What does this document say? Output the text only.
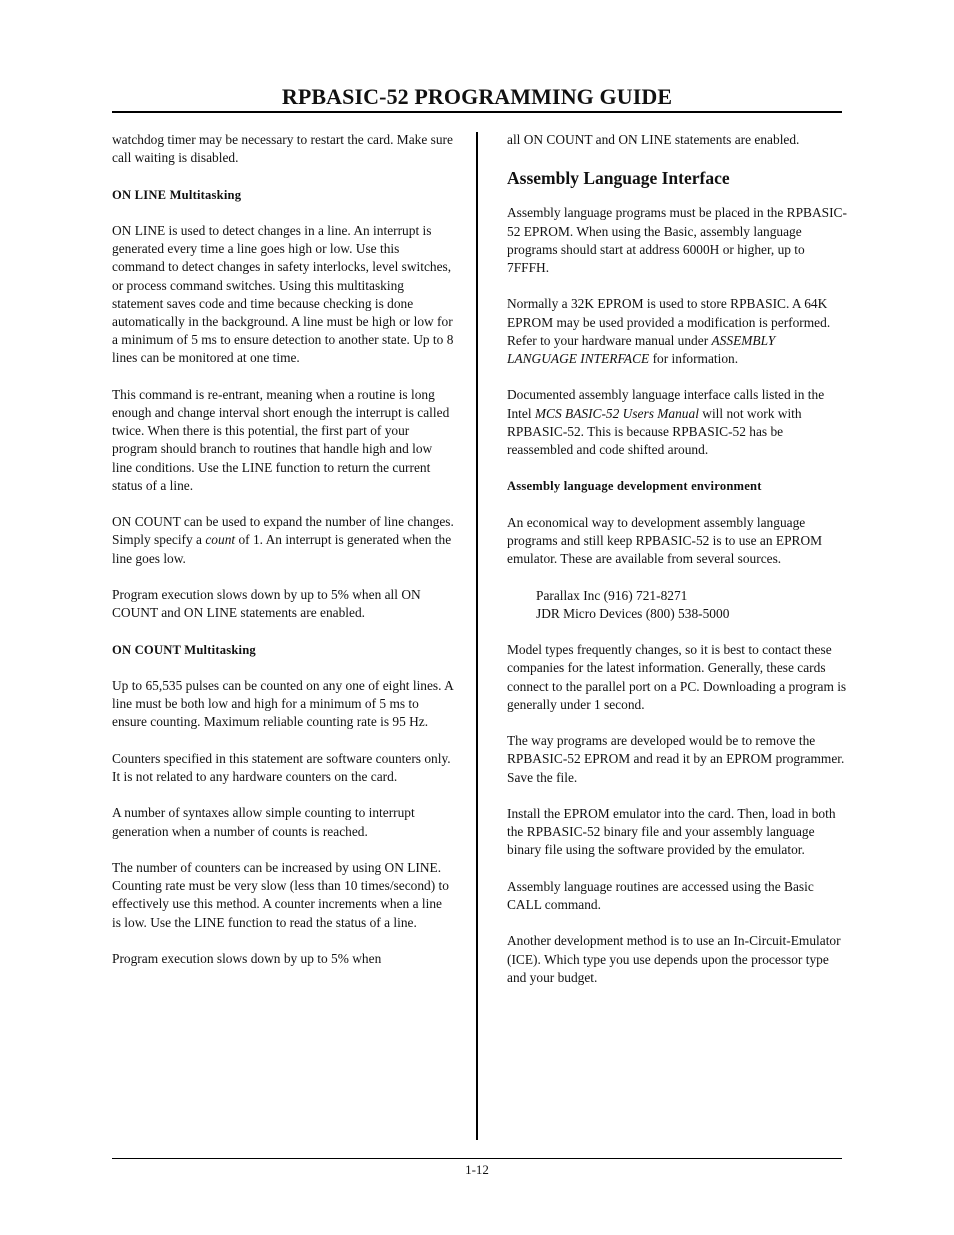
RPBASIC-52 PROGRAMMING GUIDE

watchdog timer may be necessary to restart the card. Make sure call waiting is disabled.

ON LINE Multitasking

ON LINE is used to detect changes in a line. An interrupt is generated every time a line goes high or low. Use this command to detect changes in safety interlocks, level switches, or process command switches. Using this multitasking statement saves code and time because checking is done automatically in the background. A line must be high or low for a minimum of 5 ms to ensure detection to another state. Up to 8 lines can be monitored at one time.

This command is re-entrant, meaning when a routine is long enough and change interval short enough the interrupt is called twice. When there is this potential, the first part of your program should branch to routines that handle high and low line conditions. Use the LINE function to return the current status of a line.

ON COUNT can be used to expand the number of line changes. Simply specify a count of 1. An interrupt is generated when the line goes low.

Program execution slows down by up to 5% when all ON COUNT and ON LINE statements are enabled.

ON COUNT Multitasking

Up to 65,535 pulses can be counted on any one of eight lines. A line must be both low and high for a minimum of 5 ms to ensure counting. Maximum reliable counting rate is 95 Hz.

Counters specified in this statement are software counters only. It is not related to any hardware counters on the card.

A number of syntaxes allow simple counting to interrupt generation when a number of counts is reached.

The number of counters can be increased by using ON LINE. Counting rate must be very slow (less than 10 times/second) to effectively use this method. A counter increments when a line is low. Use the LINE function to read the status of a line.

Program execution slows down by up to 5% when

all ON COUNT and ON LINE statements are enabled.

Assembly Language Interface

Assembly language programs must be placed in the RPBASIC-52 EPROM. When using the Basic, assembly language programs should start at address 6000H or higher, up to 7FFFH.

Normally a 32K EPROM is used to store RPBASIC. A 64K EPROM may be used provided a modification is performed. Refer to your hardware manual under ASSEMBLY LANGUAGE INTERFACE for information.

Documented assembly language interface calls listed in the Intel MCS BASIC-52 Users Manual will not work with RPBASIC-52. This is because RPBASIC-52 has be reassembled and code shifted around.

Assembly language development environment

An economical way to development assembly language programs and still keep RPBASIC-52 is to use an EPROM emulator. These are available from several sources.

Parallax Inc (916) 721-8271
JDR Micro Devices (800) 538-5000

Model types frequently changes, so it is best to contact these companies for the latest information. Generally, these cards connect to the parallel port on a PC. Downloading a program is generally under 1 second.

The way programs are developed would be to remove the RPBASIC-52 EPROM and read it by an EPROM programmer. Save the file.

Install the EPROM emulator into the card. Then, load in both the RPBASIC-52 binary file and your assembly language binary file using the software provided by the emulator.

Assembly language routines are accessed using the Basic CALL command.

Another development method is to use an In-Circuit-Emulator (ICE). Which type you use depends upon the processor type and your budget.

1-12
